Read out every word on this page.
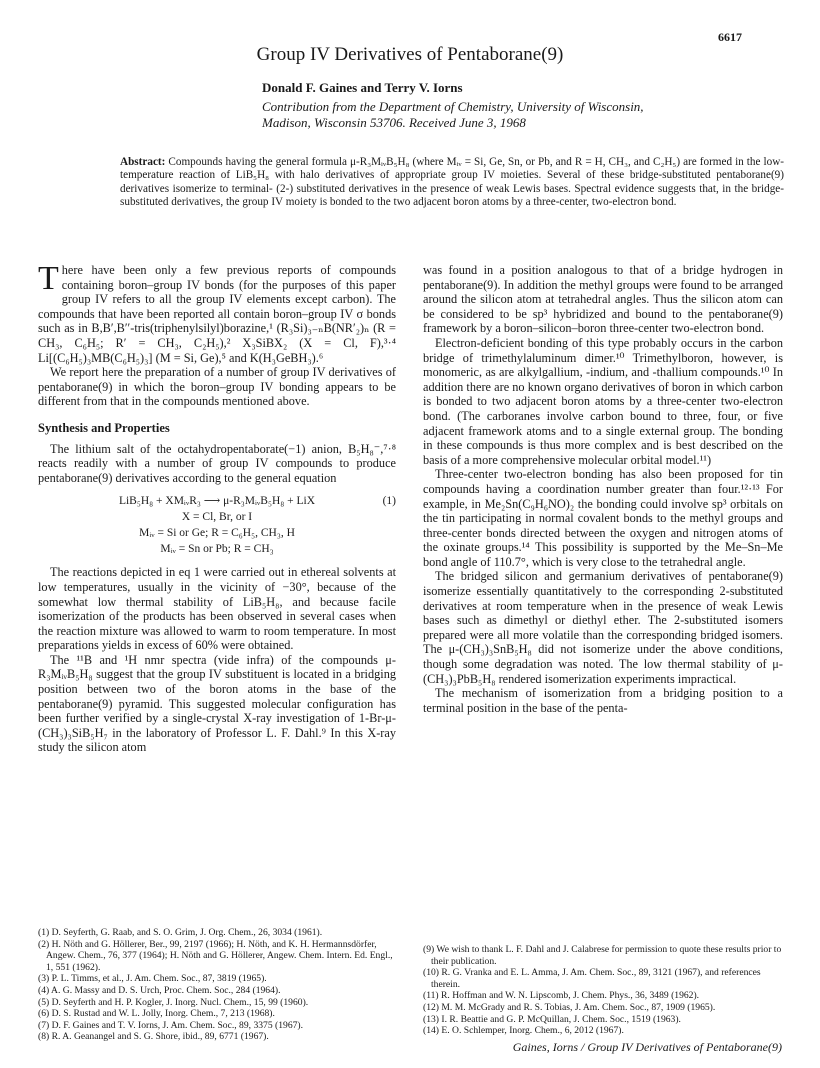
6617
Group IV Derivatives of Pentaborane(9)
Donald F. Gaines and Terry V. Iorns
Contribution from the Department of Chemistry, University of Wisconsin,
Madison, Wisconsin 53706. Received June 3, 1968
Abstract: Compounds having the general formula μ-R₃MᵢᵥB₅H₈ (where Mᵢᵥ = Si, Ge, Sn, or Pb, and R = H, CH₃, and C₂H₅) are formed in the low-temperature reaction of LiB₅H₈ with halo derivatives of appropriate group IV moieties. Several of these bridge-substituted pentaborane(9) derivatives isomerize to terminal- (2-) substituted derivatives in the presence of weak Lewis bases. Spectral evidence suggests that, in the bridge-substituted derivatives, the group IV moiety is bonded to the two adjacent boron atoms by a three-center, two-electron bond.

There have been only a few previous reports of compounds containing boron–group IV bonds (for the purposes of this paper group IV refers to all the group IV elements except carbon). The compounds that have been reported all contain boron–group IV σ bonds such as in B,B′,B′′-tris(triphenylsilyl)borazine,¹ (R₃Si)₃₋ₙB(NR′₂)ₙ (R = CH₃, C₆H₅; R′ = CH₃, C₂H₅),² X₃SiBX₂ (X = Cl, F),³·⁴ Li[(C₆H₅)₃MB(C₆H₅)₃] (M = Si, Ge),⁵ and K(H₃GeBH₃).⁶

We report here the preparation of a number of group IV derivatives of pentaborane(9) in which the boron–group IV bonding appears to be different from that in the compounds mentioned above.

Synthesis and Properties

The lithium salt of the octahydropentaborate(−1) anion, B₅H₈⁻,⁷·⁸ reacts readily with a number of group IV compounds to produce pentaborane(9) derivatives according to the general equation

LiB₅H₈ + XMᵢᵥR₃ ⟶ μ-R₃MᵢᵥB₅H₈ + LiX	(1)
X = Cl, Br, or I
Mᵢᵥ = Si or Ge; R = C₆H₅, CH₃, H
Mᵢᵥ = Sn or Pb; R = CH₃

The reactions depicted in eq 1 were carried out in ethereal solvents at low temperatures, usually in the vicinity of −30°, because of the somewhat low thermal stability of LiB₅H₈, and because facile isomerization of the products has been observed in several cases when the reaction mixture was allowed to warm to room temperature. In most preparations yields in excess of 60% were obtained.

The ¹¹B and ¹H nmr spectra (vide infra) of the compounds μ-R₃MᵢᵥB₅H₈ suggest that the group IV substituent is located in a bridging position between two of the boron atoms in the base of the pentaborane(9) pyramid. This suggested molecular configuration has been further verified by a single-crystal X-ray investigation of 1-Br-μ-(CH₃)₃SiB₅H₇ in the laboratory of Professor L. F. Dahl.⁹ In this X-ray study the silicon atom

was found in a position analogous to that of a bridge hydrogen in pentaborane(9). In addition the methyl groups were found to be arranged around the silicon atom at tetrahedral angles. Thus the silicon atom can be considered to be sp³ hybridized and bound to the pentaborane(9) framework by a boron–silicon–boron three-center two-electron bond.

Electron-deficient bonding of this type probably occurs in the carbon bridge of trimethylaluminum dimer.¹⁰ Trimethylboron, however, is monomeric, as are alkylgallium, -indium, and -thallium compounds.¹⁰ In addition there are no known organo derivatives of boron in which carbon is bonded to two adjacent boron atoms by a three-center two-electron bond. (The carboranes involve carbon bound to three, four, or five adjacent framework atoms and to a single external group. The bonding in these compounds is thus more complex and is best described on the basis of a more comprehensive molecular orbital model.¹¹)

Three-center two-electron bonding has also been proposed for tin compounds having a coordination number greater than four.¹²·¹³ For example, in Me₂Sn(C₉H₆NO)₂ the bonding could involve sp³ orbitals on the tin participating in normal covalent bonds to the methyl groups and three-center bonds directed between the oxygen and nitrogen atoms of the oxinate groups.¹⁴ This possibility is supported by the Me–Sn–Me bond angle of 110.7°, which is very close to the tetrahedral angle.

The bridged silicon and germanium derivatives of pentaborane(9) isomerize essentially quantitatively to the corresponding 2-substituted derivatives at room temperature when in the presence of weak Lewis bases such as dimethyl or diethyl ether. The 2-substituted isomers prepared were all more volatile than the corresponding bridged isomers. The μ-(CH₃)₃SnB₅H₈ did not isomerize under the above conditions, though some degradation was noted. The low thermal stability of μ-(CH₃)₃PbB₅H₈ rendered isomerization experiments impractical.

The mechanism of isomerization from a bridging position to a terminal position in the base of the penta-

(1) D. Seyferth, G. Raab, and S. O. Grim, J. Org. Chem., 26, 3034 (1961).
(2) H. Nöth and G. Höllerer, Ber., 99, 2197 (1966); H. Nöth, and K. H. Hermannsdörfer, Angew. Chem., 76, 377 (1964); H. Nöth and G. Höllerer, Angew. Chem. Intern. Ed. Engl., 1, 551 (1962).
(3) P. L. Timms, et al., J. Am. Chem. Soc., 87, 3819 (1965).
(4) A. G. Massy and D. S. Urch, Proc. Chem. Soc., 284 (1964).
(5) D. Seyferth and H. P. Kogler, J. Inorg. Nucl. Chem., 15, 99 (1960).
(6) D. S. Rustad and W. L. Jolly, Inorg. Chem., 7, 213 (1968).
(7) D. F. Gaines and T. V. Iorns, J. Am. Chem. Soc., 89, 3375 (1967).
(8) R. A. Geanangel and S. G. Shore, ibid., 89, 6771 (1967).
(9) We wish to thank L. F. Dahl and J. Calabrese for permission to quote these results prior to their publication.
(10) R. G. Vranka and E. L. Amma, J. Am. Chem. Soc., 89, 3121 (1967), and references therein.
(11) R. Hoffman and W. N. Lipscomb, J. Chem. Phys., 36, 3489 (1962).
(12) M. M. McGrady and R. S. Tobias, J. Am. Chem. Soc., 87, 1909 (1965).
(13) I. R. Beattie and G. P. McQuillan, J. Chem. Soc., 1519 (1963).
(14) E. O. Schlemper, Inorg. Chem., 6, 2012 (1967).
Gaines, Iorns / Group IV Derivatives of Pentaborane(9)
